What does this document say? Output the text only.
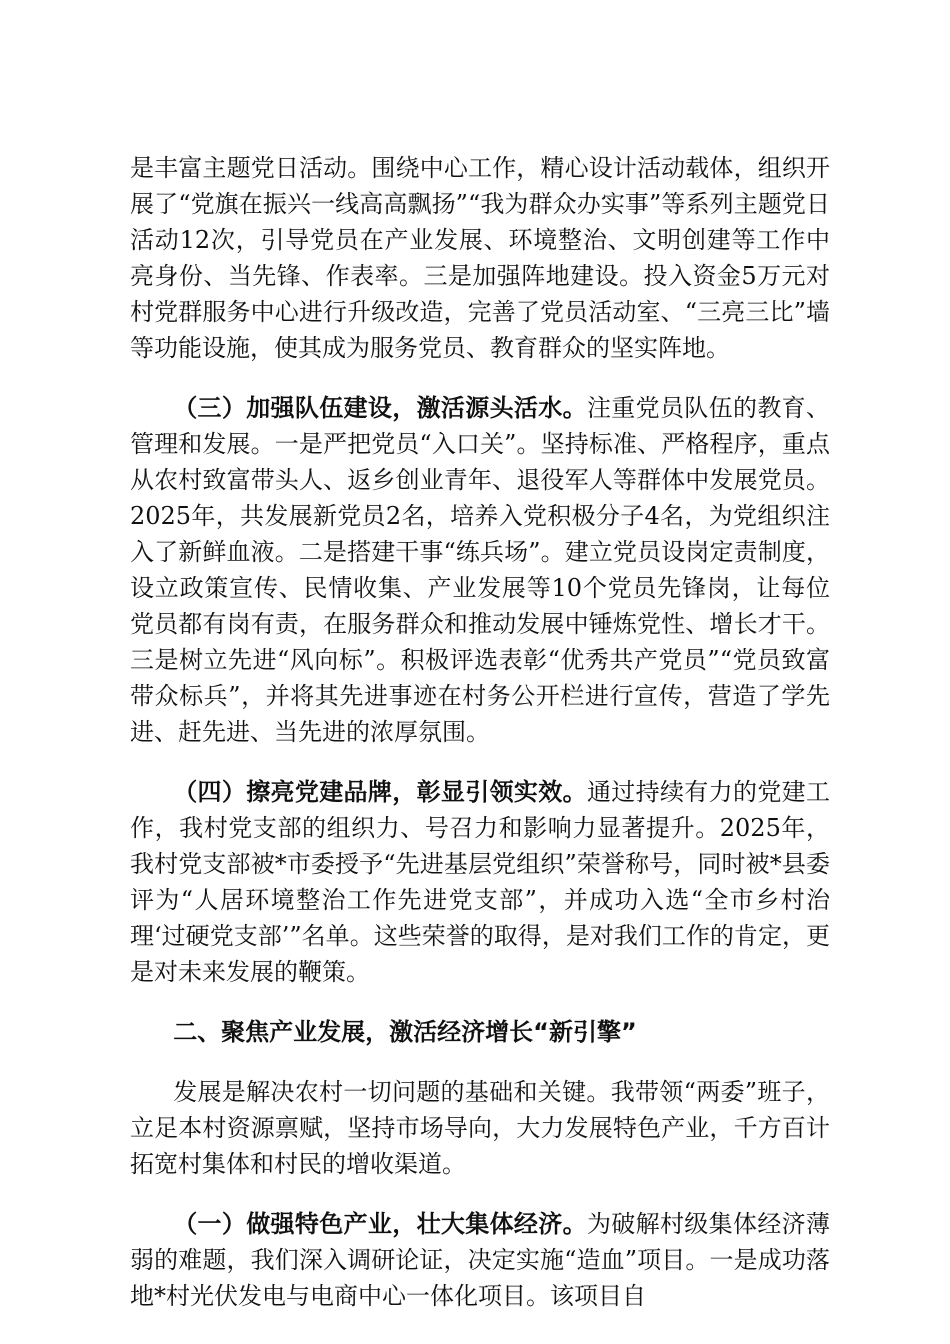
是丰富主题党日活动。围绕中心工作，精心设计活动载体，组织开展了“党旗在振兴一线高高飘扬”“我为群众办实事”等系列主题党日活动12次，引导党员在产业发展、环境整治、文明创建等工作中亮身份、当先锋、作表率。三是加强阵地建设。投入资金5万元对村党群服务中心进行升级改造，完善了党员活动室、“三亮三比”墙等功能设施，使其成为服务党员、教育群众的坚实阵地。

（三）加强队伍建设，激活源头活水。注重党员队伍的教育、管理和发展。一是严把党员“入口关”。坚持标准、严格程序，重点从农村致富带头人、返乡创业青年、退役军人等群体中发展党员。2025年，共发展新党员2名，培养入党积极分子4名，为党组织注入了新鲜血液。二是搭建干事“练兵场”。建立党员设岗定责制度，设立政策宣传、民情收集、产业发展等10个党员先锋岗，让每位党员都有岗有责，在服务群众和推动发展中锤炼党性、增长才干。三是树立先进“风向标”。积极评选表彰“优秀共产党员”“党员致富带众标兵”，并将其先进事迹在村务公开栏进行宣传，营造了学先进、赶先进、当先进的浓厚氛围。

（四）擦亮党建品牌，彰显引领实效。通过持续有力的党建工作，我村党支部的组织力、号召力和影响力显著提升。2025年，我村党支部被*市委授予“先进基层党组织”荣誉称号，同时被*县委评为“人居环境整治工作先进党支部”，并成功入选“全市乡村治理‘过硬党支部’”名单。这些荣誉的取得，是对我们工作的肯定，更是对未来发展的鞭策。

二、聚焦产业发展，激活经济增长“新引擎”

发展是解决农村一切问题的基础和关键。我带领“两委”班子，立足本村资源禀赋，坚持市场导向，大力发展特色产业，千方百计拓宽村集体和村民的增收渠道。

（一）做强特色产业，壮大集体经济。为破解村级集体经济薄弱的难题，我们深入调研论证，决定实施“造血”项目。一是成功落地*村光伏发电与电商中心一体化项目。该项目自
